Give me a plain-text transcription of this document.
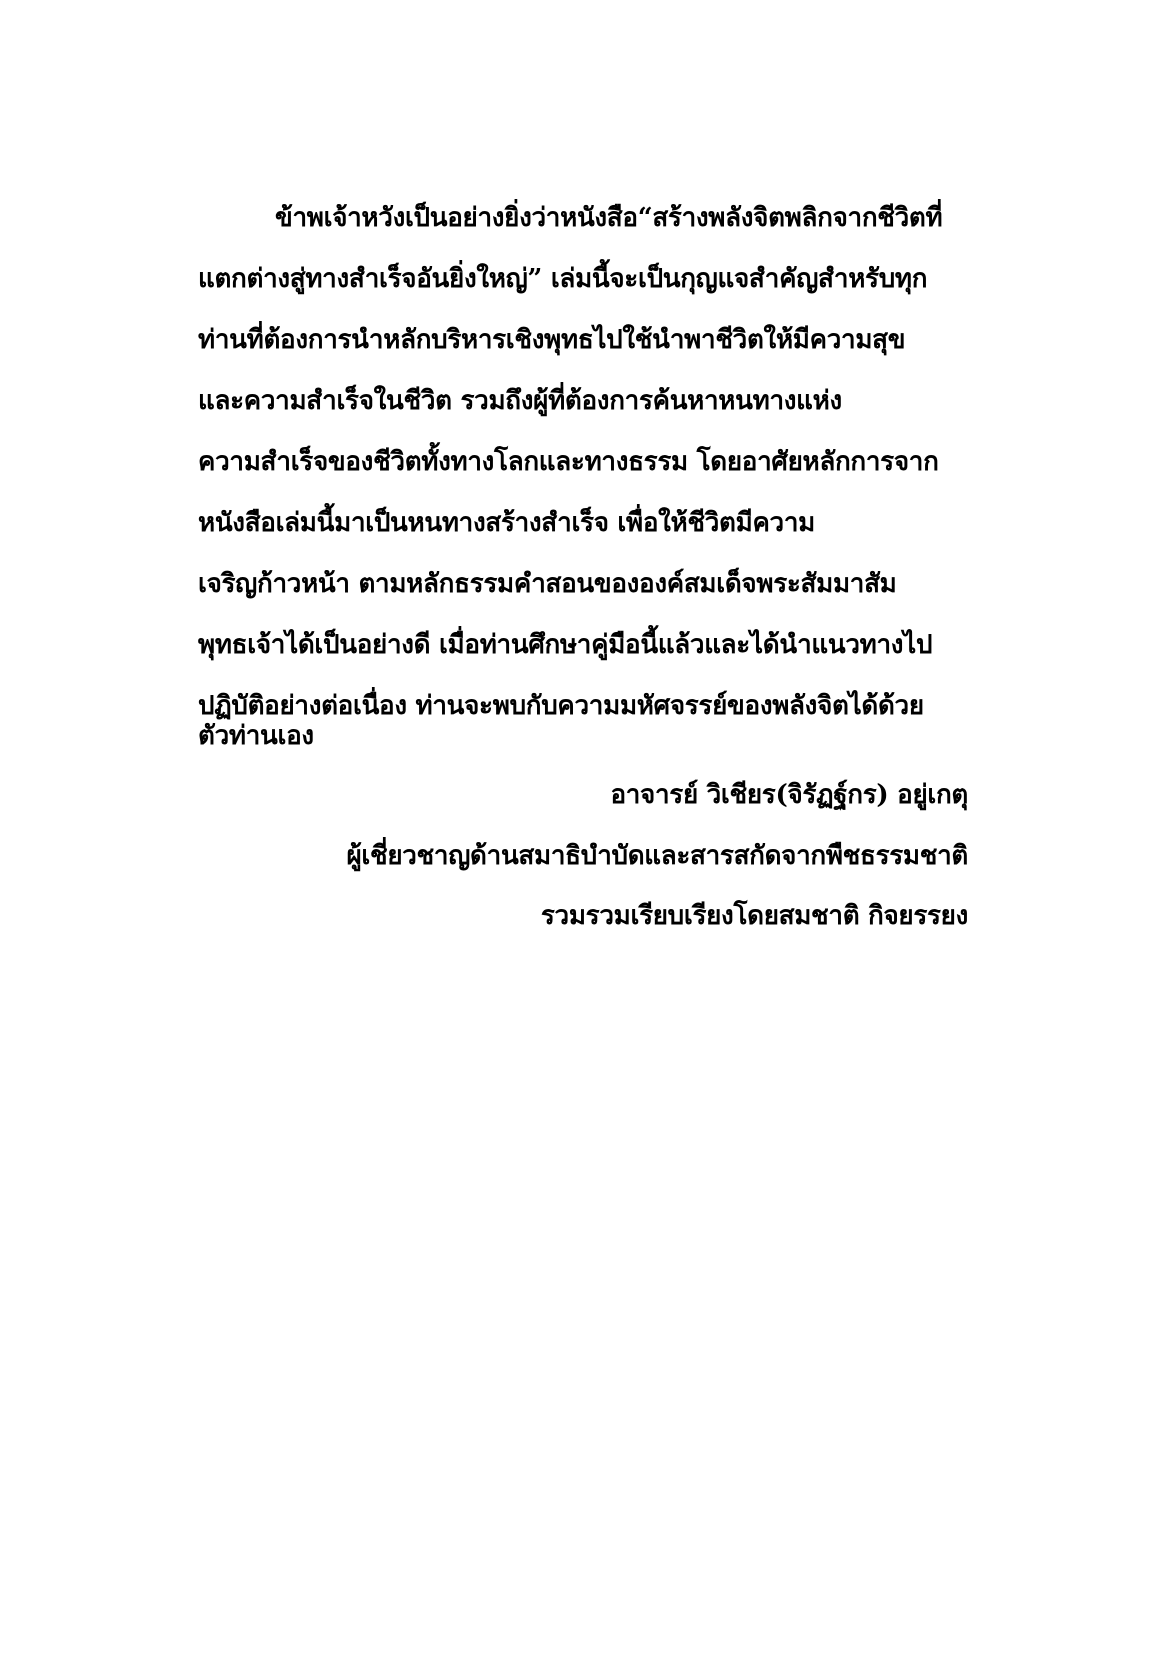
ข้าพเจ้าหวังเป็นอย่างยิ่งว่าหนังสือ“สร้างพลังจิตพลิกจากชีวิตที่
แตกต่างสู่ทางสำเร็จอันยิ่งใหญ่” เล่มนี้จะเป็นกุญแจสำคัญสำหรับทุก
ท่านที่ต้องการนำหลักบริหารเชิงพุทธไปใช้นำพาชีวิตให้มีความสุข
และความสำเร็จในชีวิต รวมถึงผู้ที่ต้องการค้นหาหนทางแห่ง
ความสำเร็จของชีวิตทั้งทางโลกและทางธรรม โดยอาศัยหลักการจาก
หนังสือเล่มนี้มาเป็นหนทางสร้างสำเร็จ เพื่อให้ชีวิตมีความ
เจริญก้าวหน้า ตามหลักธรรมคำสอนขององค์สมเด็จพระสัมมาสัม
พุทธเจ้าได้เป็นอย่างดี เมื่อท่านศึกษาคู่มือนี้แล้วและได้นำแนวทางไป
ปฏิบัติอย่างต่อเนื่อง ท่านจะพบกับความมหัศจรรย์ของพลังจิตได้ด้วย
ตัวท่านเอง
อาจารย์ วิเชียร(จิรัฏฐ์กร) อยู่เกตุ
ผู้เชี่ยวชาญด้านสมาธิบำบัดและสารสกัดจากพืชธรรมชาติ
รวมรวมเรียบเรียงโดยสมชาติ กิจยรรยง
